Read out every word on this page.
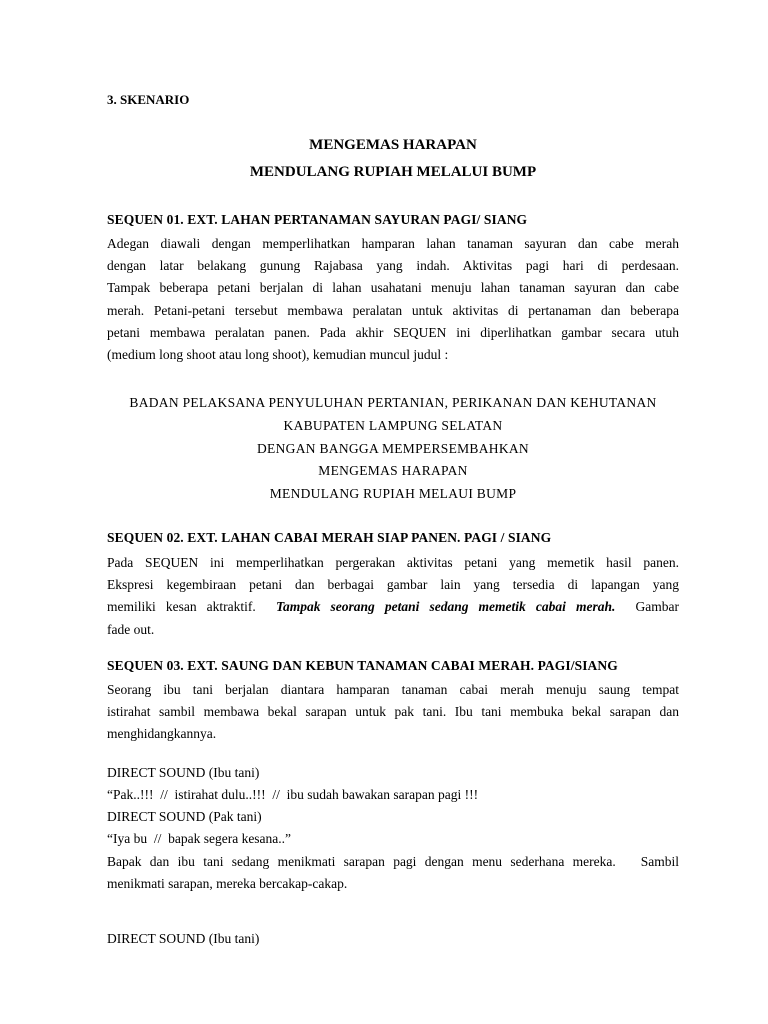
3. SKENARIO
MENGEMAS HARAPAN
MENDULANG RUPIAH MELALUI BUMP
SEQUEN 01. EXT. LAHAN PERTANAMAN SAYURAN PAGI/ SIANG
Adegan diawali dengan memperlihatkan hamparan lahan tanaman sayuran dan cabe merah
dengan latar belakang gunung Rajabasa yang indah. Aktivitas pagi hari di perdesaan.
Tampak beberapa petani berjalan di lahan usahatani menuju lahan tanaman sayuran dan cabe
merah. Petani-petani tersebut membawa peralatan untuk aktivitas di pertanaman dan beberapa
petani membawa peralatan panen. Pada akhir SEQUEN ini diperlihatkan gambar secara utuh
(medium long shoot atau long shoot), kemudian muncul judul :
BADAN PELAKSANA PENYULUHAN PERTANIAN, PERIKANAN DAN KEHUTANAN
KABUPATEN LAMPUNG SELATAN
DENGAN BANGGA MEMPERSEMBAHKAN
MENGEMAS HARAPAN
MENDULANG RUPIAH MELAUI BUMP
SEQUEN 02. EXT. LAHAN CABAI MERAH SIAP PANEN. PAGI / SIANG
Pada SEQUEN ini memperlihatkan pergerakan aktivitas petani yang memetik hasil panen.
Ekspresi kegembiraan petani dan berbagai gambar lain yang tersedia di lapangan yang
memiliki kesan aktraktif.  Tampak seorang petani sedang memetik cabai merah.  Gambar
fade out.
SEQUEN 03. EXT. SAUNG DAN KEBUN TANAMAN CABAI MERAH. PAGI/SIANG
Seorang ibu tani berjalan diantara hamparan tanaman cabai merah menuju saung tempat
istirahat sambil membawa bekal sarapan untuk pak tani. Ibu tani membuka bekal sarapan dan
menghidangkannya.
DIRECT SOUND (Ibu tani)
“Pak..!!!  //  istirahat dulu..!!!  //  ibu sudah bawakan sarapan pagi !!!
DIRECT SOUND (Pak tani)
“Iya bu  //  bapak segera kesana..”
Bapak dan ibu tani sedang menikmati sarapan pagi dengan menu sederhana mereka.   Sambil
menikmati sarapan, mereka bercakap-cakap.
DIRECT SOUND (Ibu tani)
